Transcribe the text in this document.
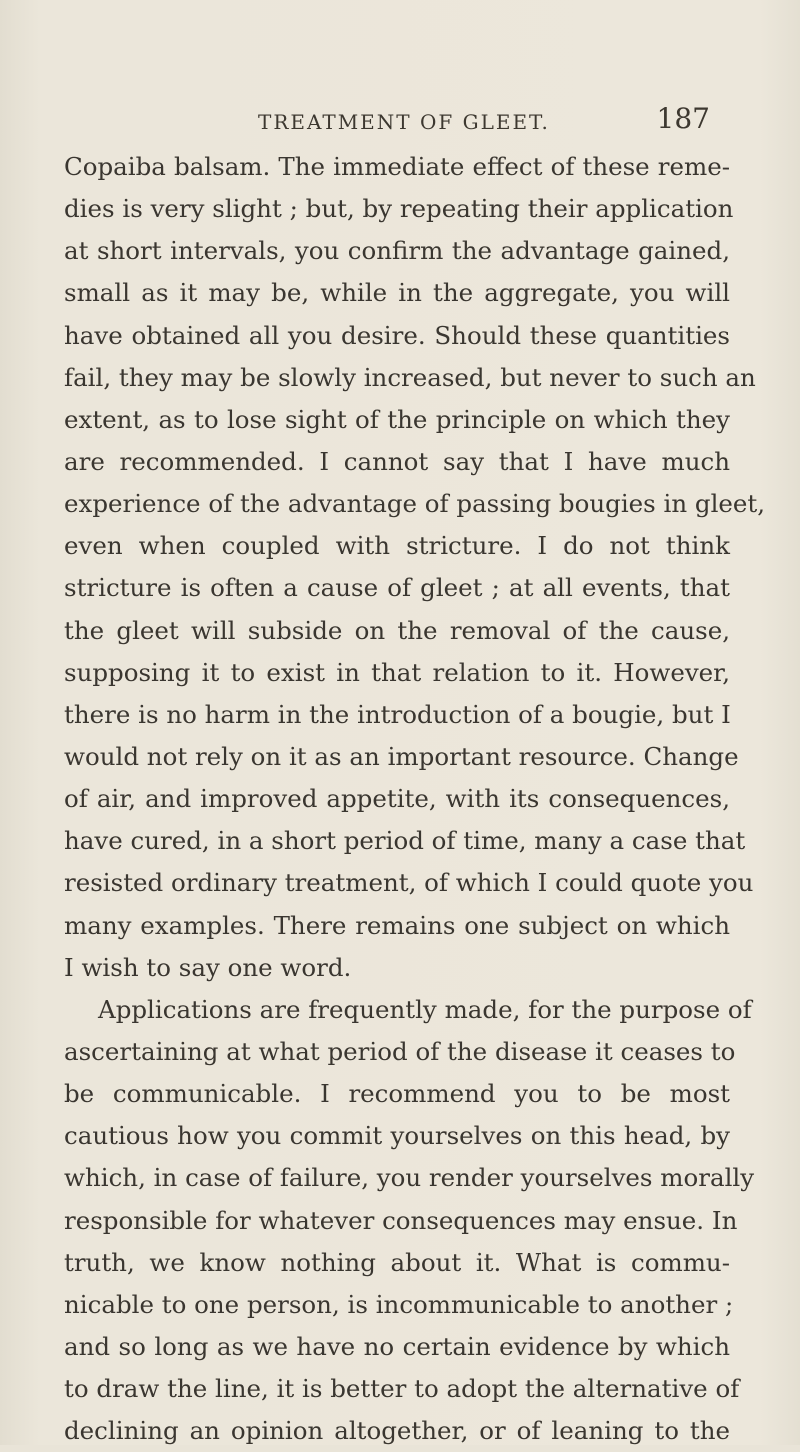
TREATMENT OF GLEET.	187
Copaiba balsam. The immediate effect of these reme-
dies is very slight ; but, by repeating their application
at short intervals, you confirm the advantage gained,
small as it may be, while in the aggregate, you will
have obtained all you desire. Should these quantities
fail, they may be slowly increased, but never to such an
extent, as to lose sight of the principle on which they
are recommended. I cannot say that I have much
experience of the advantage of passing bougies in gleet,
even when coupled with stricture. I do not think
stricture is often a cause of gleet ; at all events, that
the gleet will subside on the removal of the cause,
supposing it to exist in that relation to it. However,
there is no harm in the introduction of a bougie, but I
would not rely on it as an important resource. Change
of air, and improved appetite, with its consequences,
have cured, in a short period of time, many a case that
resisted ordinary treatment, of which I could quote you
many examples. There remains one subject on which
I wish to say one word.
Applications are frequently made, for the purpose of
ascertaining at what period of the disease it ceases to
be communicable. I recommend you to be most
cautious how you commit yourselves on this head, by
which, in case of failure, you render yourselves morally
responsible for whatever consequences may ensue. In
truth, we know nothing about it. What is commu-
nicable to one person, is incommunicable to another ;
and so long as we have no certain evidence by which
to draw the line, it is better to adopt the alternative of
declining an opinion altogether, or of leaning to the
